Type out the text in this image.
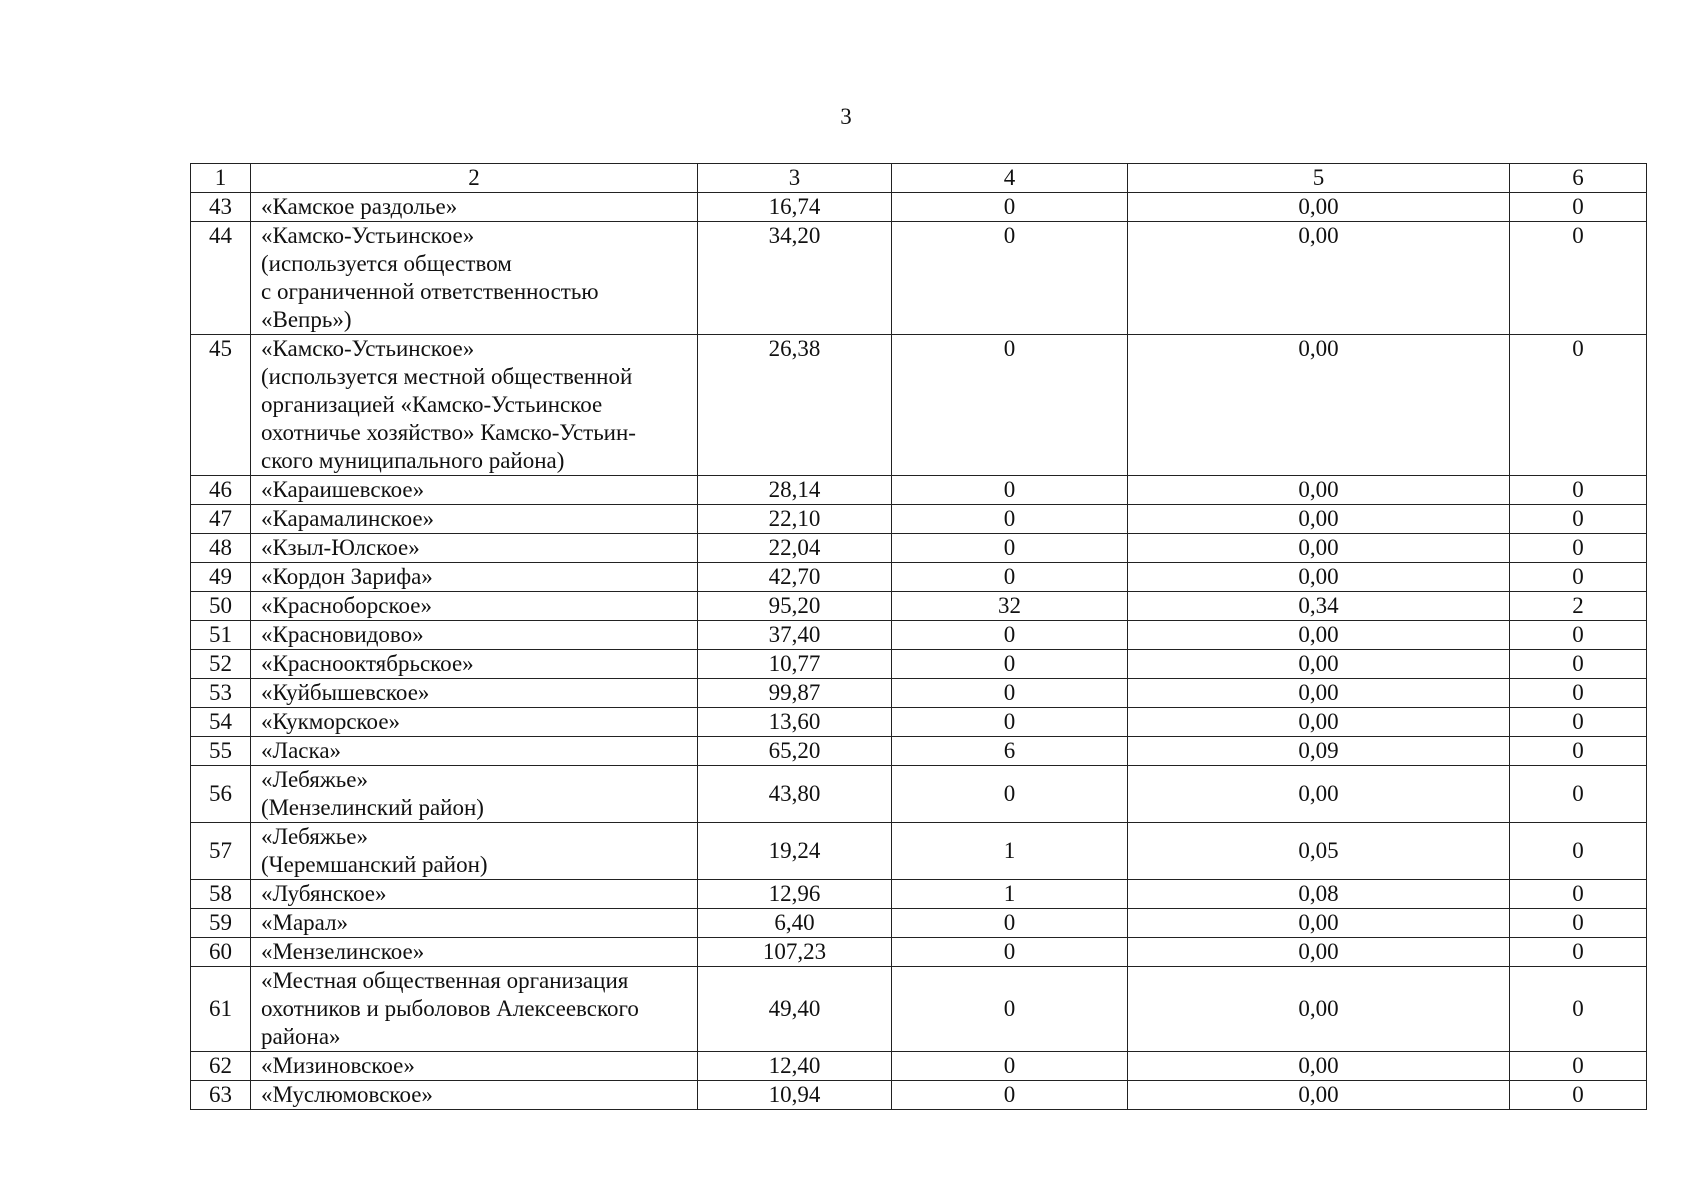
3
1	2	3	4	5	6
43	«Камское раздолье»	16,74	0	0,00	0
44	«Камско-Устьинское»
(используется обществом
с ограниченной ответственностью
«Вепрь»)	34,20	0	0,00	0
45	«Камско-Устьинское»
(используется местной общественной
организацией «Камско-Устьинское
охотничье хозяйство» Камско-Устьин-
ского муниципального района)	26,38	0	0,00	0
46	«Караишевское»	28,14	0	0,00	0
47	«Карамалинское»	22,10	0	0,00	0
48	«Кзыл-Юлское»	22,04	0	0,00	0
49	«Кордон Зарифа»	42,70	0	0,00	0
50	«Красноборское»	95,20	32	0,34	2
51	«Красновидово»	37,40	0	0,00	0
52	«Краснооктябрьское»	10,77	0	0,00	0
53	«Куйбышевское»	99,87	0	0,00	0
54	«Кукморское»	13,60	0	0,00	0
55	«Ласка»	65,20	6	0,09	0
56	«Лебяжье»
(Мензелинский район)	43,80	0	0,00	0
57	«Лебяжье»
(Черемшанский район)	19,24	1	0,05	0
58	«Лубянское»	12,96	1	0,08	0
59	«Марал»	6,40	0	0,00	0
60	«Мензелинское»	107,23	0	0,00	0
61	«Местная общественная организация
охотников и рыболовов Алексеевского
района»	49,40	0	0,00	0
62	«Мизиновское»	12,40	0	0,00	0
63	«Муслюмовское»	10,94	0	0,00	0
